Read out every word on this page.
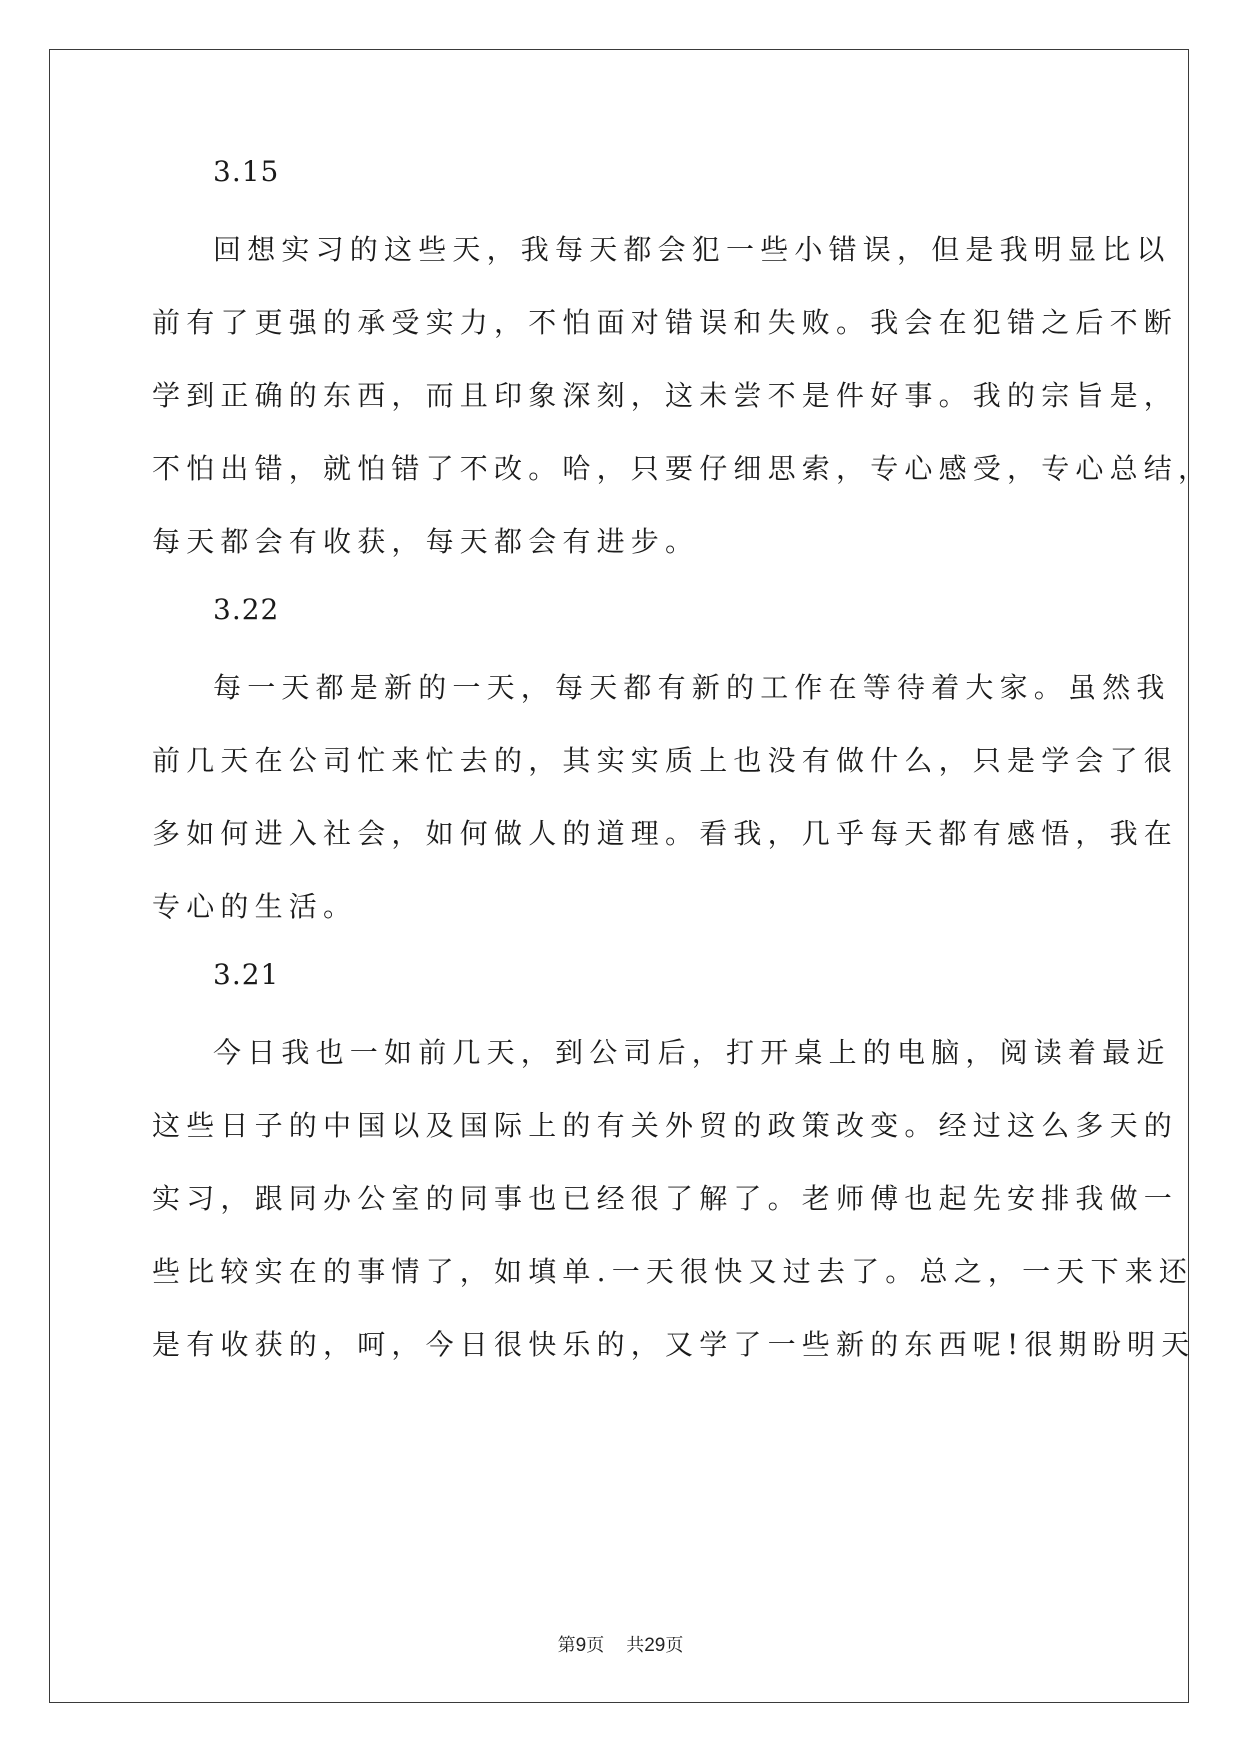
3.15
回想实习的这些天，我每天都会犯一些小错误，但是我明显比以
前有了更强的承受实力，不怕面对错误和失败。我会在犯错之后不断
学到正确的东西，而且印象深刻，这未尝不是件好事。我的宗旨是，
不怕出错，就怕错了不改。哈，只要仔细思索，专心感受，专心总结，
每天都会有收获，每天都会有进步。
3.22
每一天都是新的一天，每天都有新的工作在等待着大家。虽然我
前几天在公司忙来忙去的，其实实质上也没有做什么，只是学会了很
多如何进入社会，如何做人的道理。看我，几乎每天都有感悟，我在
专心的生活。
3.21
今日我也一如前几天，到公司后，打开桌上的电脑，阅读着最近
这些日子的中国以及国际上的有关外贸的政策改变。经过这么多天的
实习，跟同办公室的同事也已经很了解了。老师傅也起先安排我做一
些比较实在的事情了，如填单.一天很快又过去了。总之，一天下来还
是有收获的，呵，今日很快乐的，又学了一些新的东西呢!很期盼明天
第9页 共29页
